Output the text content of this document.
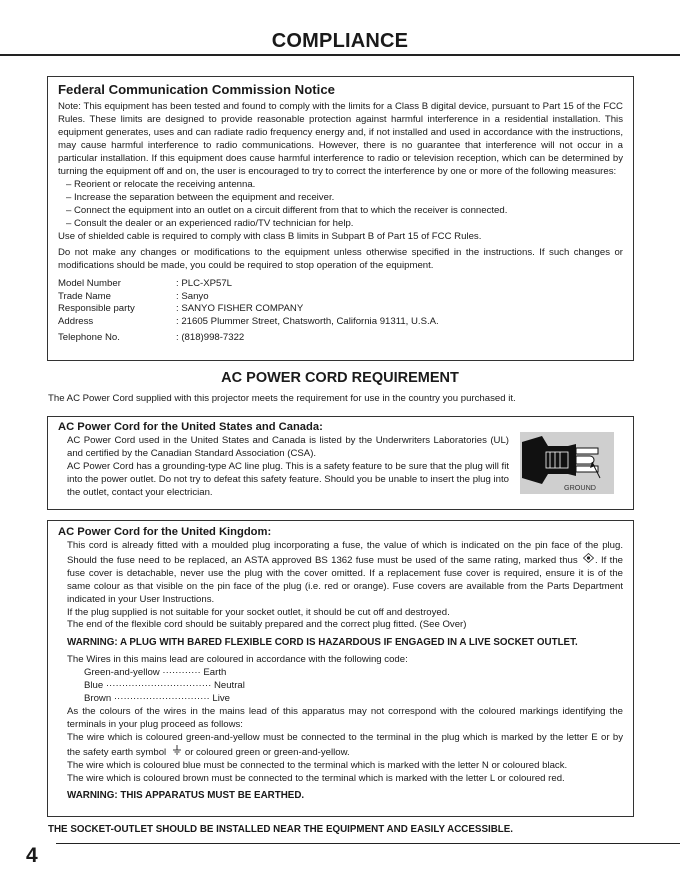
COMPLIANCE
Federal Communication Commission Notice

Note: This equipment has been tested and found to comply with the limits for a Class B digital device, pursuant to Part 15 of the FCC Rules. These limits are designed to provide reasonable protection against harmful interference in a residential installation. This equipment generates, uses and can radiate radio frequency energy and, if not installed and used in accordance with the instructions, may cause harmful interference to radio communications. However, there is no guarantee that interference will not occur in a particular installation. If this equipment does cause harmful interference to radio or television reception, which can be determined by turning the equipment off and on, the user is encouraged to try to correct the interference by one or more of the following measures:

– Reorient or relocate the receiving antenna.

– Increase the separation between the equipment and receiver.

– Connect the equipment into an outlet on a circuit different from that to which the receiver is connected.

– Consult the dealer or an experienced radio/TV technician for help.

Use of shielded cable is required to comply with class B limits in Subpart B of Part 15 of FCC Rules.

Do not make any changes or modifications to the equipment unless otherwise specified in the instructions. If such changes or modifications should be made, you could be required to stop operation of the equipment.

Model Number	: PLC-XP57L
Trade Name	: Sanyo
Responsible party	: SANYO FISHER COMPANY
Address	: 21605 Plummer Street, Chatsworth, California 91311, U.S.A.
Telephone No.	: (818)998-7322
AC POWER CORD REQUIREMENT
The AC Power Cord supplied with this projector meets the requirement for use in the country you purchased it.
AC Power Cord for the United States and Canada:

AC Power Cord used in the United States and Canada is listed by the Underwriters Laboratories (UL) and certified by the Canadian Standard Association (CSA).

AC Power Cord has a grounding-type AC line plug. This is a safety feature to be sure that the plug will fit into the power outlet. Do not try to defeat this safety feature. Should you be unable to insert the plug into the outlet, contact your electrician.	GROUND
AC Power Cord for the United Kingdom:

This cord is already fitted with a moulded plug incorporating a fuse, the value of which is indicated on the pin face of the plug. Should the fuse need to be replaced, an ASTA approved BS 1362 fuse must be used of the same rating, marked thus . If the fuse cover is detachable, never use the plug with the cover omitted. If a replacement fuse cover is required, ensure it is of the same colour as that visible on the pin face of the plug (i.e. red or orange). Fuse covers are available from the Parts Department indicated in your User Instructions.

If the plug supplied is not suitable for your socket outlet, it should be cut off and destroyed.

The end of the flexible cord should be suitably prepared and the correct plug fitted. (See Over)

WARNING: A PLUG WITH BARED FLEXIBLE CORD IS HAZARDOUS IF ENGAGED IN A LIVE SOCKET OUTLET.

The Wires in this mains lead are coloured in accordance with the following code:

Green-and-yellow ············ Earth
Blue ································· Neutral
Brown ······························ Live

As the colours of the wires in the mains lead of this apparatus may not correspond with the coloured markings identifying the terminals in your plug proceed as follows:

The wire which is coloured green-and-yellow must be connected to the terminal in the plug which is marked by the letter E or by the safety earth symbol or coloured green or green-and-yellow.

The wire which is coloured blue must be connected to the terminal which is marked with the letter N or coloured black.

The wire which is coloured brown must be connected to the terminal which is marked with the letter L or coloured red.

WARNING: THIS APPARATUS MUST BE EARTHED.

THE SOCKET-OUTLET SHOULD BE INSTALLED NEAR THE EQUIPMENT AND EASILY ACCESSIBLE.
4
